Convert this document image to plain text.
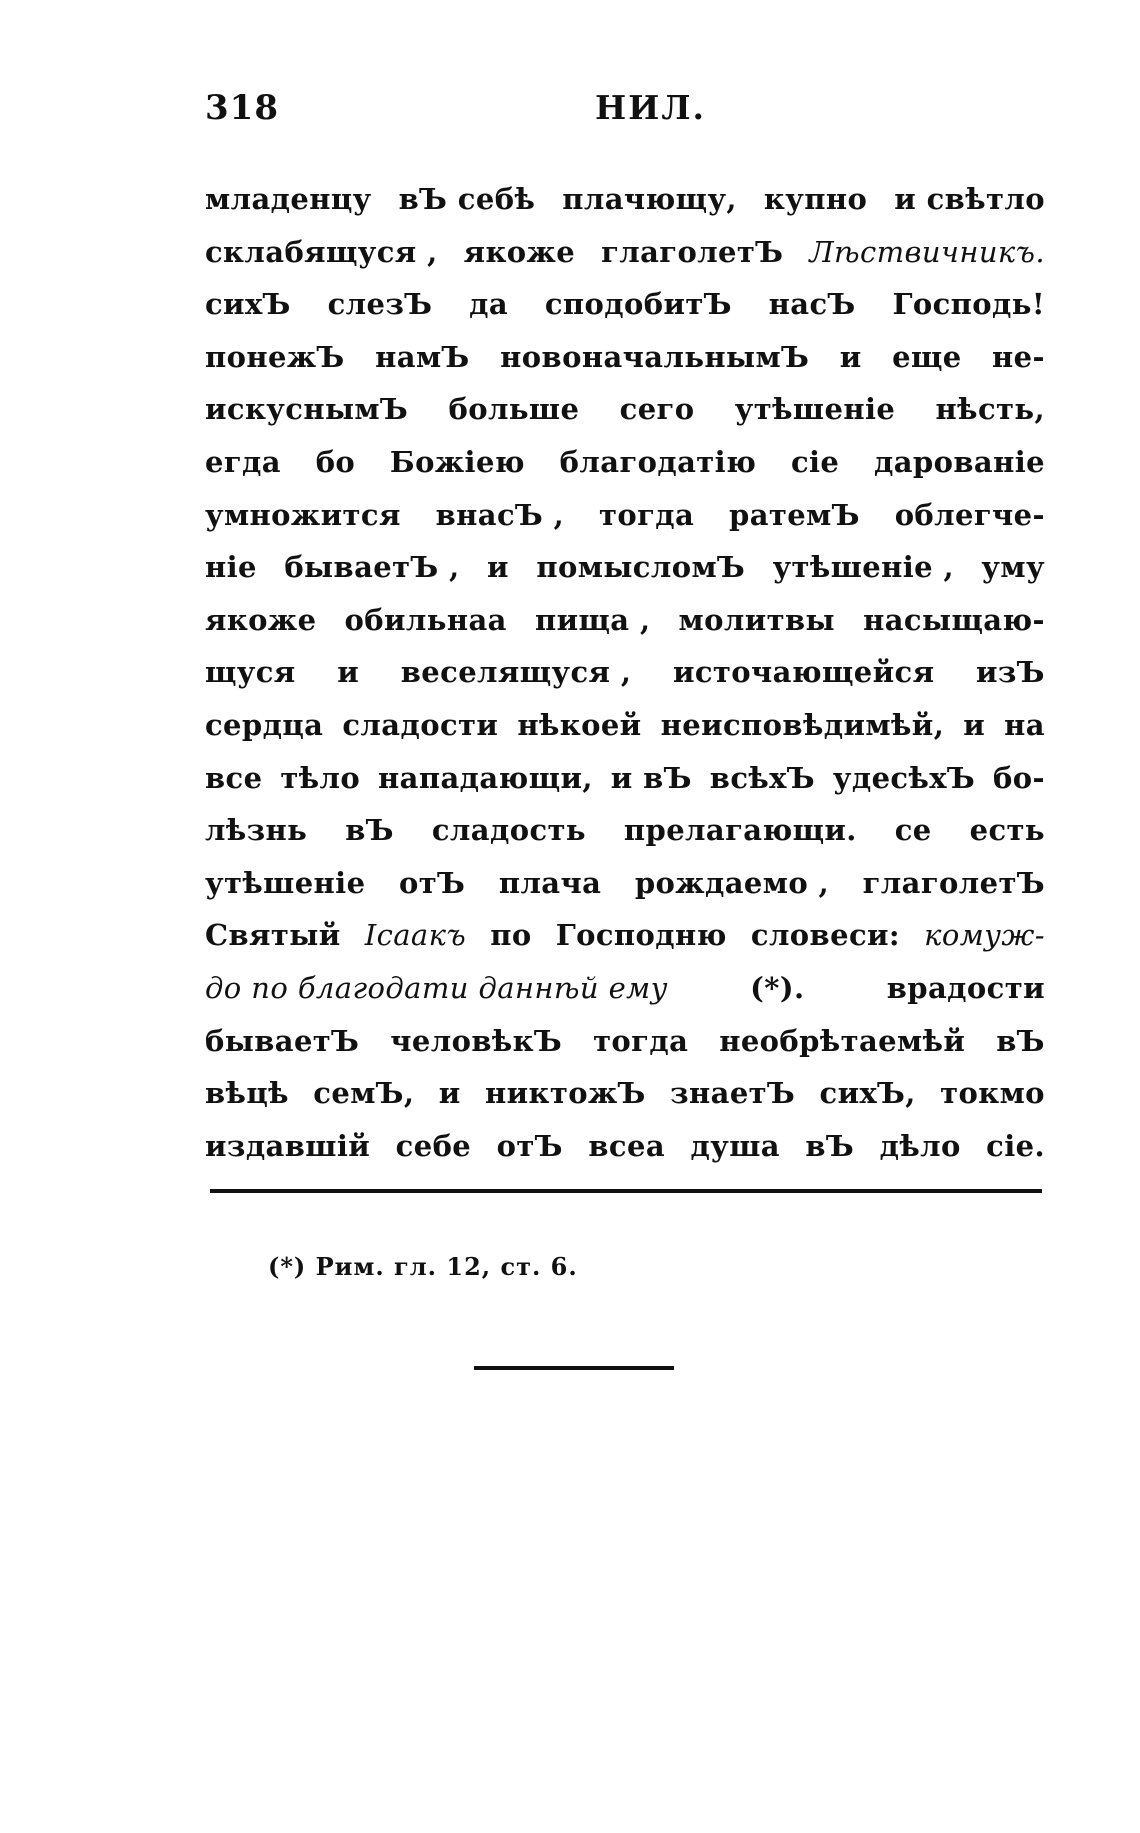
318	НИЛ.
младенцу вЪ себѣ плачющу, купно и свѣтло
склабящуся , якоже глаголетЪ Лѣствичникъ.
сихЪ слезЪ да сподобитЪ насЪ Господь!
понежЪ намЪ новоначальнымЪ и еще не-
искуснымЪ больше сего утѣшеніе нѣсть,
егда бо Божіею благодатію сіе дарованіе
умножится внасЪ , тогда ратемЪ облегче-
ніе бываетЪ , и помысломЪ утѣшеніе , уму
якоже обильнаа пища , молитвы насыщаю-
щуся и веселящуся , источающейся изЪ
сердца сладости нѣкоей неисповѣдимѣй, и на
все тѣло нападающи, и вЪ всѣхЪ удесѣхЪ бо-
лѣзнь вЪ сладость прелагающи. се есть
утѣшеніе отЪ плача рождаемо , глаголетЪ
Святый Ісаакъ по Господню словеси: комуж-
до по благодати даннѣй ему	(*).	врадости
бываетЪ человѣкЪ тогда необрѣтаемѣй вЪ
вѣцѣ семЪ, и никтожЪ знаетЪ сихЪ, токмо
издавшій себе отЪ всеа душа вЪ дѣло сіе.
(*) Рим. гл. 12, ст. 6.
